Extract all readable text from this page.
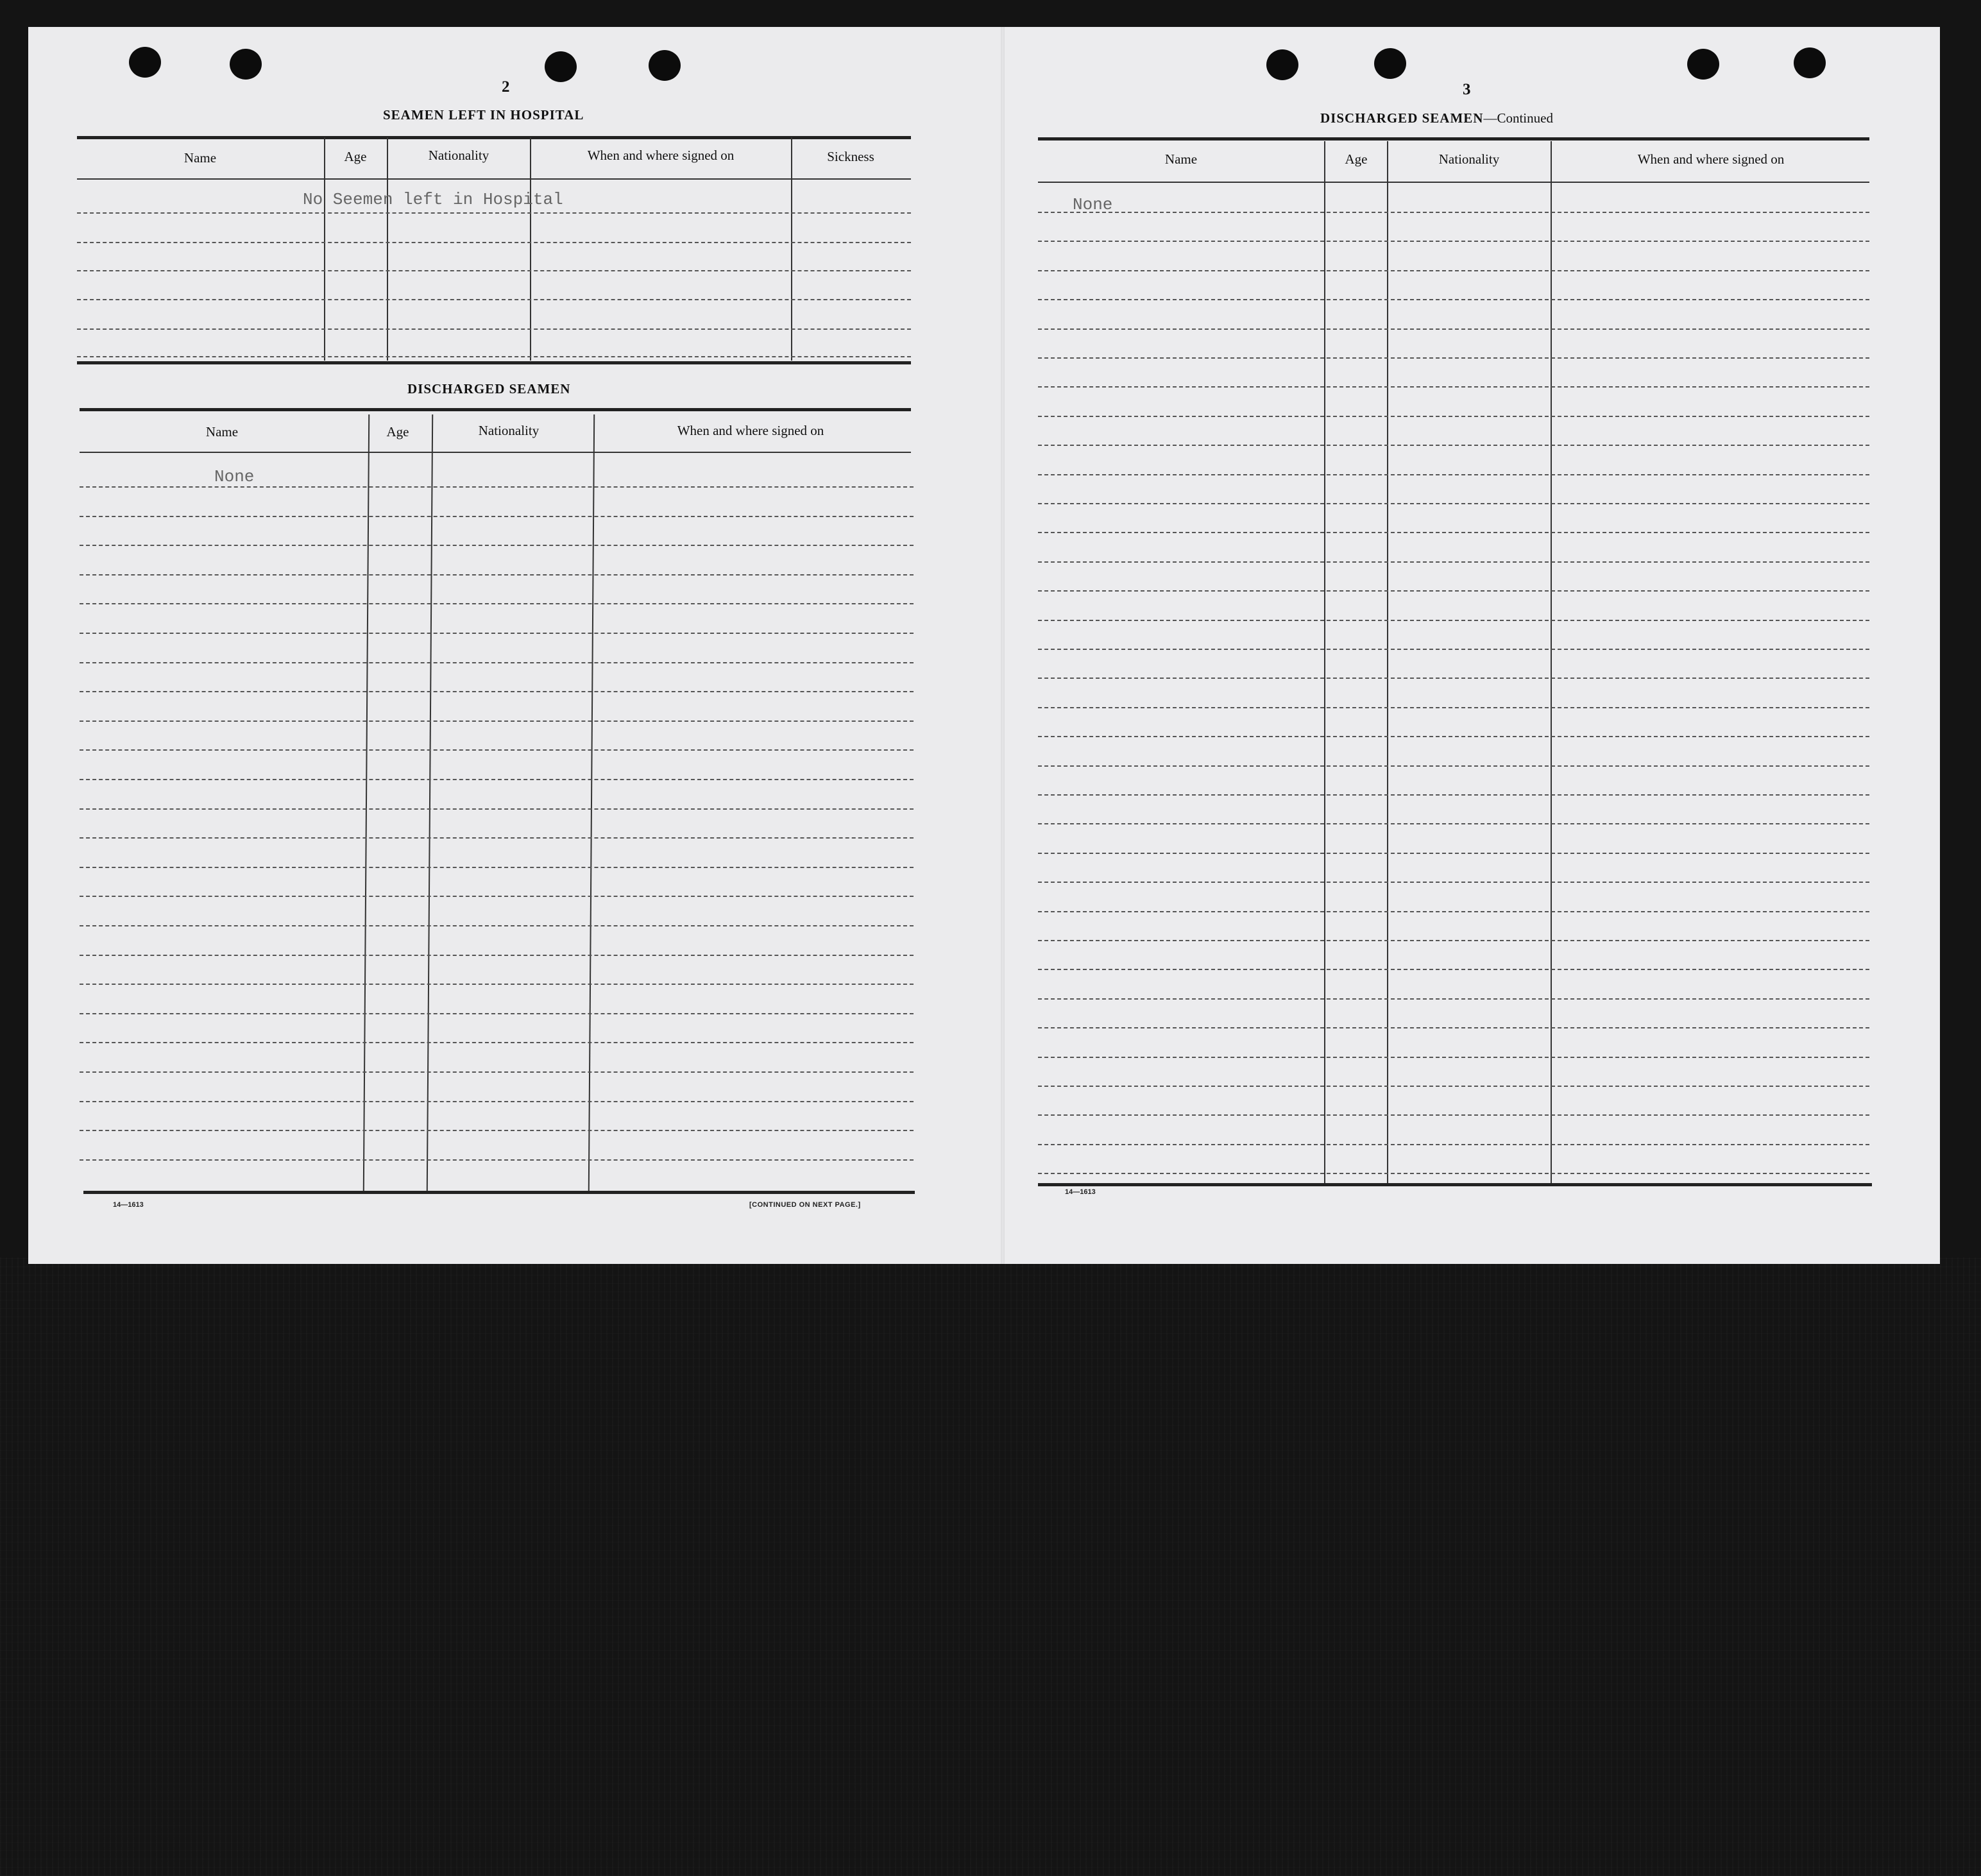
2
SEAMEN LEFT IN HOSPITAL
Name	Age	Nationality	When and where signed on	Sickness
No Seemen left in Hospital
DISCHARGED SEAMEN
Name	Age	Nationality	When and where signed on
None
14—1613	[CONTINUED ON NEXT PAGE.]
3
DISCHARGED SEAMEN—Continued
Name	Age	Nationality	When and where signed on
None
14—1613
